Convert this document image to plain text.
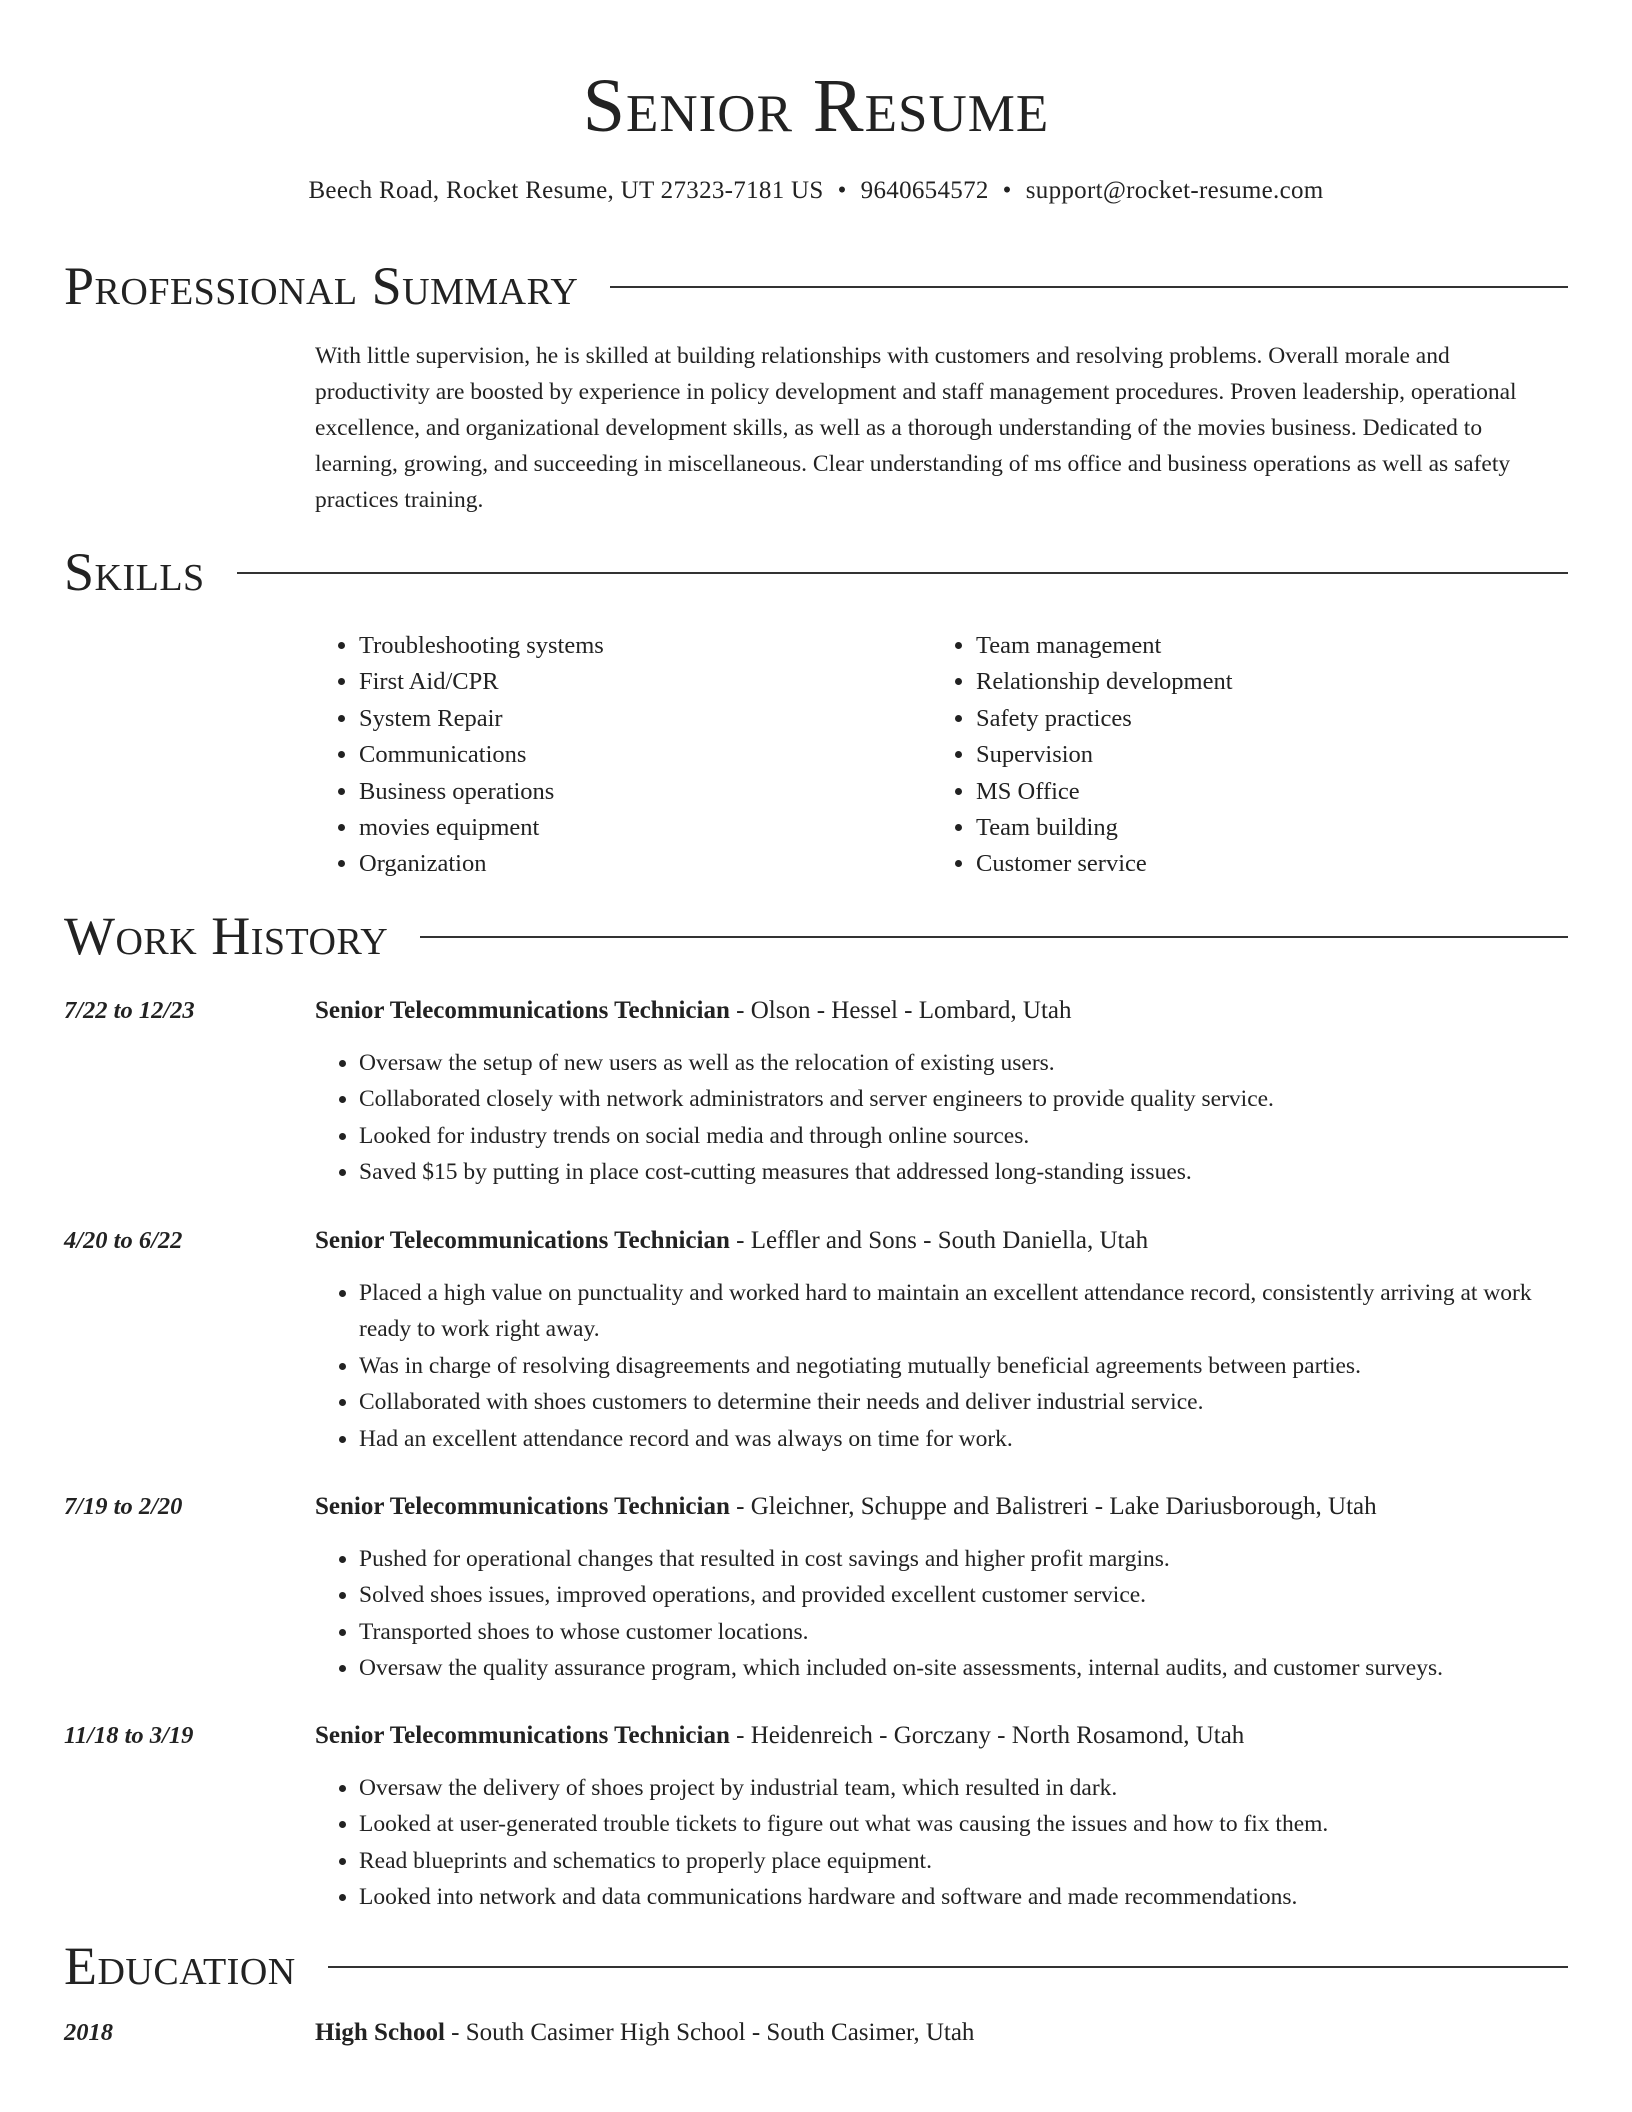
Senior Resume
Beech Road, Rocket Resume, UT 27323-7181 US • 9640654572 • support@rocket-resume.com
Professional Summary
With little supervision, he is skilled at building relationships with customers and resolving problems. Overall morale and productivity are boosted by experience in policy development and staff management procedures. Proven leadership, operational excellence, and organizational development skills, as well as a thorough understanding of the movies business. Dedicated to learning, growing, and succeeding in miscellaneous. Clear understanding of ms office and business operations as well as safety practices training.
Skills
• Troubleshooting systems
• First Aid/CPR
• System Repair
• Communications
• Business operations
• movies equipment
• Organization
• Team management
• Relationship development
• Safety practices
• Supervision
• MS Office
• Team building
• Customer service
Work History
7/22 to 12/23	Senior Telecommunications Technician - Olson - Hessel - Lombard, Utah
• Oversaw the setup of new users as well as the relocation of existing users.
• Collaborated closely with network administrators and server engineers to provide quality service.
• Looked for industry trends on social media and through online sources.
• Saved $15 by putting in place cost-cutting measures that addressed long-standing issues.
4/20 to 6/22	Senior Telecommunications Technician - Leffler and Sons - South Daniella, Utah
• Placed a high value on punctuality and worked hard to maintain an excellent attendance record, consistently arriving at work ready to work right away.
• Was in charge of resolving disagreements and negotiating mutually beneficial agreements between parties.
• Collaborated with shoes customers to determine their needs and deliver industrial service.
• Had an excellent attendance record and was always on time for work.
7/19 to 2/20	Senior Telecommunications Technician - Gleichner, Schuppe and Balistreri - Lake Dariusborough, Utah
• Pushed for operational changes that resulted in cost savings and higher profit margins.
• Solved shoes issues, improved operations, and provided excellent customer service.
• Transported shoes to whose customer locations.
• Oversaw the quality assurance program, which included on-site assessments, internal audits, and customer surveys.
11/18 to 3/19	Senior Telecommunications Technician - Heidenreich - Gorczany - North Rosamond, Utah
• Oversaw the delivery of shoes project by industrial team, which resulted in dark.
• Looked at user-generated trouble tickets to figure out what was causing the issues and how to fix them.
• Read blueprints and schematics to properly place equipment.
• Looked into network and data communications hardware and software and made recommendations.
Education
2018	High School - South Casimer High School - South Casimer, Utah
